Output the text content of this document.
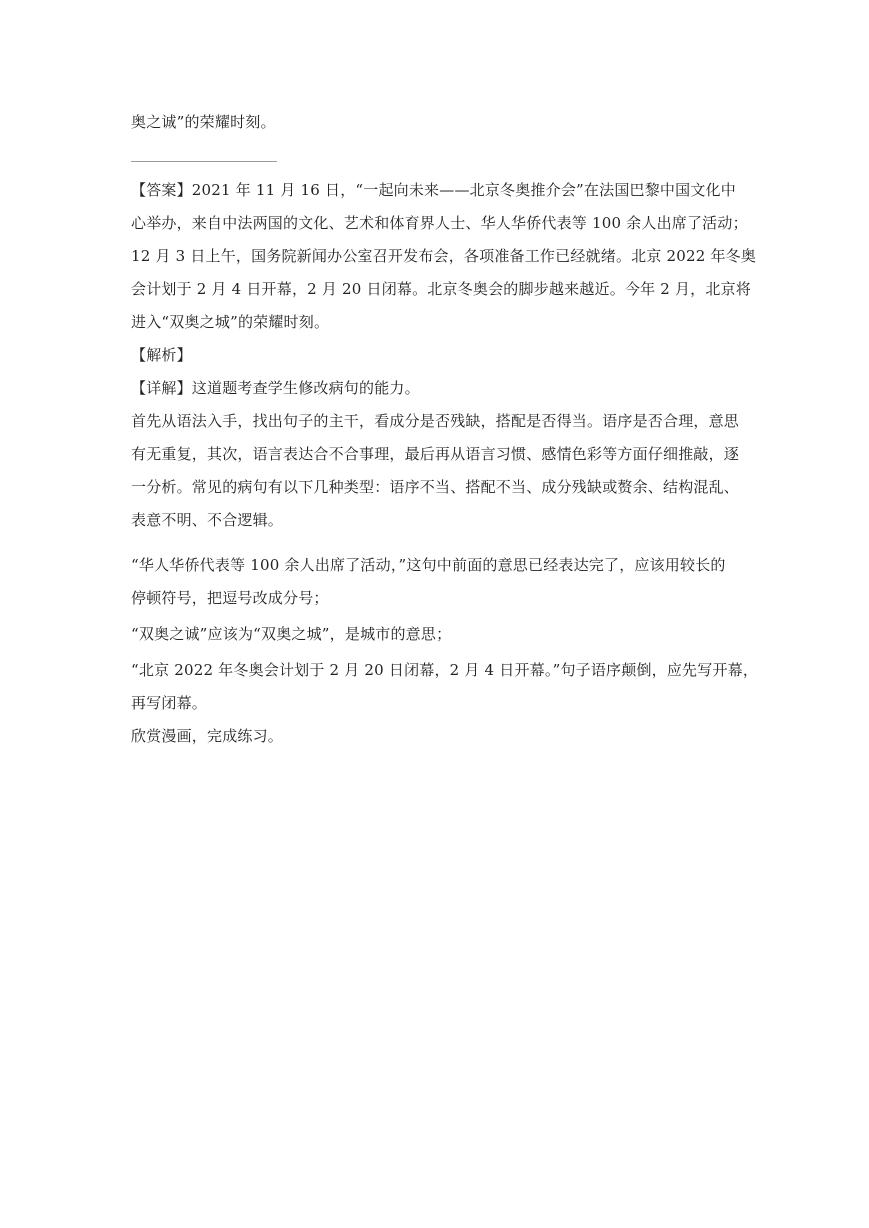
奥之诚”的荣耀时刻。
【答案】2021 年 11 月 16 日，“一起向未来——北京冬奥推介会”在法国巴黎中国文化中
心举办，来自中法两国的文化、艺术和体育界人士、华人华侨代表等 100 余人出席了活动；
12 月 3 日上午，国务院新闻办公室召开发布会，各项准备工作已经就绪。北京 2022 年冬奥
会计划于 2 月 4 日开幕，2 月 20 日闭幕。北京冬奥会的脚步越来越近。今年 2 月，北京将
进入“双奥之城”的荣耀时刻。
【解析】
【详解】这道题考查学生修改病句的能力。
首先从语法入手，找出句子的主干，看成分是否残缺，搭配是否得当。语序是否合理，意思
有无重复，其次，语言表达合不合事理，最后再从语言习惯、感情色彩等方面仔细推敲，逐
一分析。常见的病句有以下几种类型：语序不当、搭配不当、成分残缺或赘余、结构混乱、
表意不明、不合逻辑。
“华人华侨代表等 100 余人出席了活动，”这句中前面的意思已经表达完了，应该用较长的
停顿符号，把逗号改成分号；
“双奥之诚”应该为“双奥之城”，是城市的意思；
“北京 2022 年冬奥会计划于 2 月 20 日闭幕，2 月 4 日开幕。”句子语序颠倒，应先写开幕，
再写闭幕。
欣赏漫画，完成练习。
